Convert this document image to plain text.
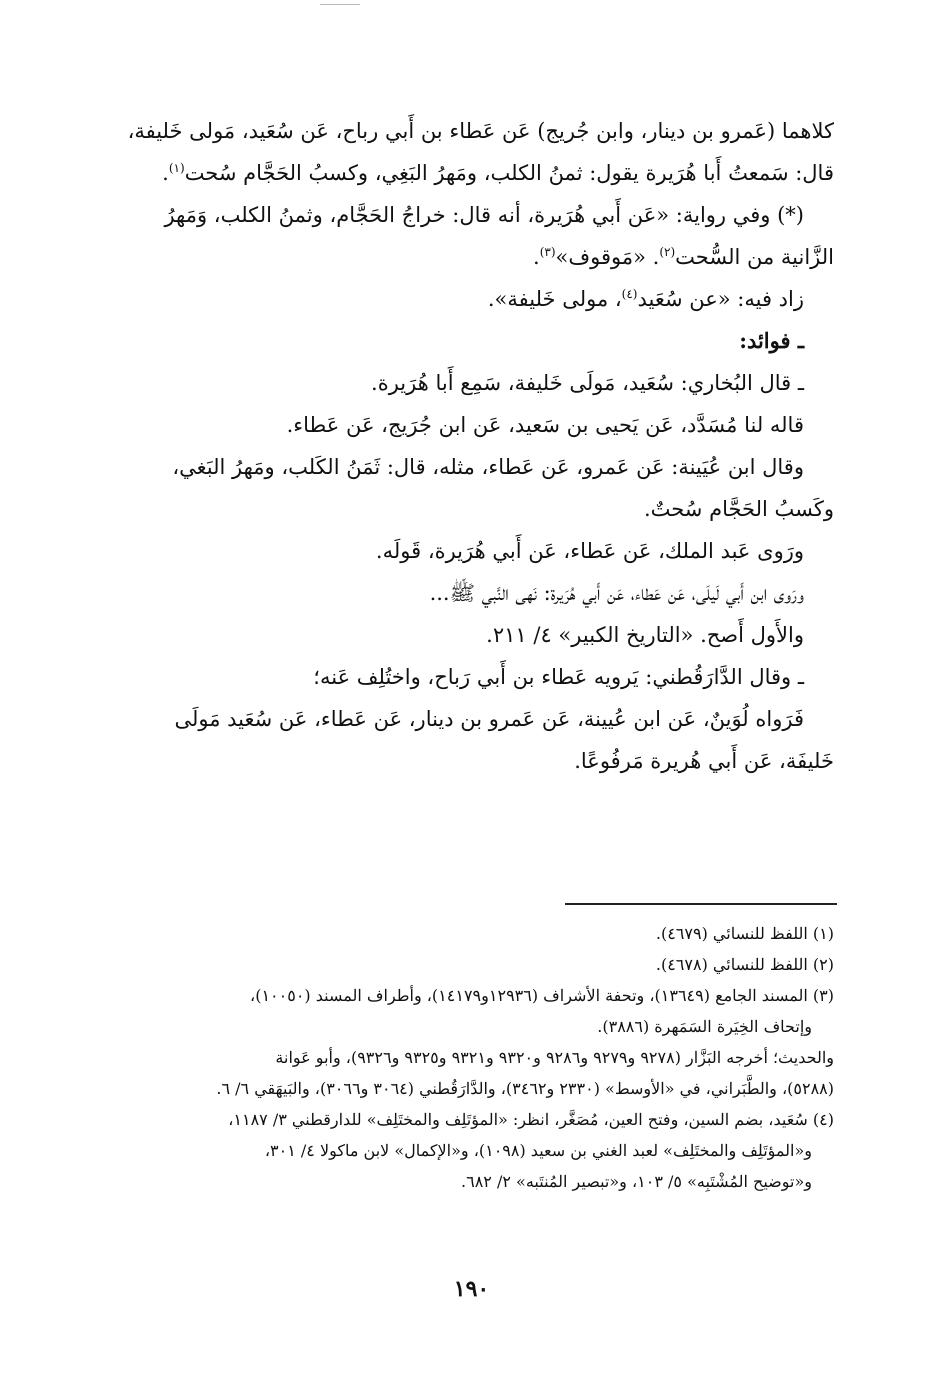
كلاهما (عَمرو بن دينار، وابن جُريج) عَن عَطاء بن أَبي رباح، عَن سُعَيد، مَولى خَليفة،

قال: سَمعتُ أَبا هُرَيرة يقول: ثمنُ الكلب، ومَهرُ البَغِي، وكسبُ الحَجَّام سُحت$^{(١)}$.

(*) وفي رواية: «عَن أَبي هُرَيرة، أنه قال: خراجُ الحَجَّام، وثمنُ الكلب، وَمَهرُ

الزَّانية من السُّحت$^{(٢)}$. «مَوقوف»$^{(٣)}$.

زاد فيه: «عن سُعَيد$^{(٤)}$، مولى خَليفة».

ـ فوائد:

ـ قال البُخاري: سُعَيد، مَولَى خَليفة، سَمِع أَبا هُرَيرة.

قاله لنا مُسَدَّد، عَن يَحيى بن سَعيد، عَن ابن جُرَيج، عَن عَطاء.

وقال ابن عُيَينة: عَن عَمرو، عَن عَطاء، مثله، قال: ثَمَنُ الكَلب، ومَهرُ البَغي،

وكَسبُ الحَجَّام سُحتٌ.

ورَوى عَبد الملك، عَن عَطاء، عَن أَبي هُرَيرة، قَولَه.

ورَوى ابن أَبي لَيلَى، عَن عَطاء، عَن أَبي هُرَيرة: نَهى النَّبي ﷺ...

والأَول أَصح. «التاريخ الكبير» ٤/ ٢١١.

ـ وقال الدَّارَقُطني: يَرويه عَطاء بن أَبي رَباح، واختُلِف عَنه؛

فَرَواه لُوَينٌ، عَن ابن عُيينة، عَن عَمرو بن دينار، عَن عَطاء، عَن سُعَيد مَولَى

خَليفَة، عَن أَبي هُريرة مَرفُوعًا.

(١) اللفظ للنسائي (٤٦٧٩).

(٢) اللفظ للنسائي (٤٦٧٨).

(٣) المسند الجامع (١٣٦٤٩)، وتحفة الأشراف (١٢٩٣٦و١٤١٧٩)، وأطراف المسند (١٠٠٥٠)،

وإتحاف الخِيَرة السَمَهرة (٣٨٨٦).

والحديث؛ أخرجه البَزَّار (٩٢٧٨ و٩٢٧٩ و٩٢٨٦ و٩٣٢٠ و٩٣٢١ و٩٣٢٥ و٩٣٢٦)، وأبو عَوانة

(٥٢٨٨)، والطَّبَراني، في «الأوسط» (٢٣٣٠ و٣٤٦٢)، والدَّارَقُطني (٣٠٦٤ و٣٠٦٦)، والبَيهَقي ٦/ ٦.

(٤) سُعَيد، بضم السين، وفتح العين، مُصَغَّر، انظر: «المؤتَلِف والمختَلِف» للدارقطني ٣/ ١١٨٧،

و«المؤتَلِف والمختَلِف» لعبد الغني بن سعيد (١٠٩٨)، و«الإكمال» لابن ماكولا ٤/ ٣٠١،

و«توضيح المُشْتَبِه» ٥/ ١٠٣، و«تبصير المُنتَبه» ٢/ ٦٨٢.

١٩٠
